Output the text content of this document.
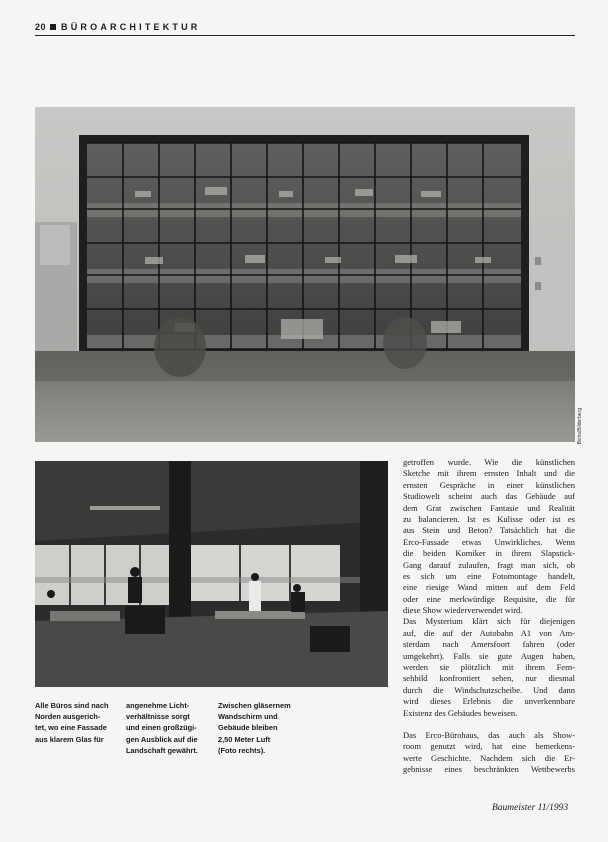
20 BÜROARCHITEKTUR
Bichs/Bilderberg
Alle Büros sind nach
Norden ausgerich-
tet, wo eine Fassade
aus klarem Glas für
angenehme Licht-
verhältnisse sorgt
und einen großzügi-
gen Ausblick auf die
Landschaft gewährt.
Zwischen gläsernem
Wandschirm und
Gebäude bleiben
2,50 Meter Luft
(Foto rechts).
getroffen wurde. Wie die künstlichen
Sketche mit ihrem ernsten Inhalt und die
ernsten Gespräche in einer künstlichen
Studiowelt scheint auch das Gebäude auf
dem Grat zwischen Fantasie und Realität
zu balancieren. Ist es Kulisse oder ist es
aus Stein und Beton? Tatsächlich hat die
Erco-Fassade etwas Unwirkliches. Wenn
die beiden Komiker in ihrem Slapstick-
Gang darauf zulaufen, fragt man sich, ob
es sich um eine Fotomontage handelt,
eine riesige Wand mitten auf dem Feld
oder eine merkwürdige Requisite, die für
diese Show wiederverwendet wird.
Das Mysterium klärt sich für diejenigen
auf, die auf der Autobahn A1 von Am-
sterdam nach Amersfoort fahren (oder
umgekehrt). Falls sie gute Augen haben,
werden sie plötzlich mit ihrem Fern-
sehbild konfrontiert sehen, nur diesmal
durch die Windschutzscheibe. Und dann
wird dieses Erlebnis die unverkennbare
Existenz des Gebäudes beweisen.
Das Erco-Bürohaus, das auch als Show-
room genutzt wird, hat eine bemerkens-
werte Geschichte. Nachdem sich die Er-
gebnisse eines beschränkten Wettbewerbs
Baumeister 11/1993
